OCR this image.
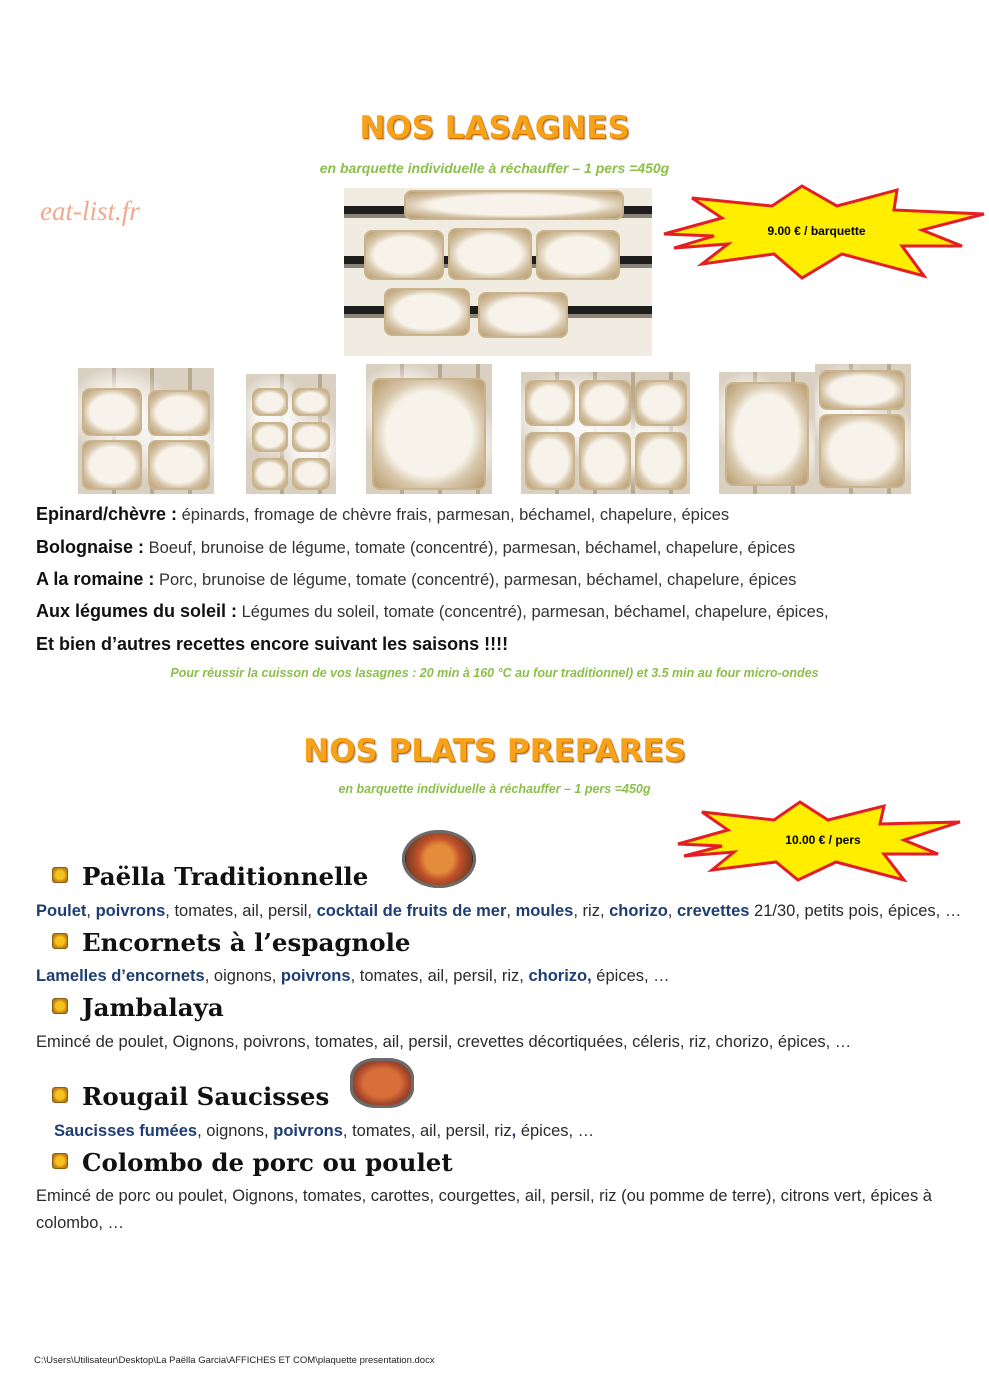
NOS LASAGNES
en barquette individuelle à réchauffer – 1 pers =450g
eat-list.fr
9.00 € / barquette
Epinard/chèvre : épinards, fromage de chèvre frais, parmesan, béchamel, chapelure, épices
Bolognaise : Boeuf, brunoise de légume, tomate (concentré), parmesan, béchamel, chapelure, épices
A la romaine : Porc, brunoise de légume, tomate (concentré), parmesan, béchamel, chapelure, épices
Aux légumes du soleil : Légumes du soleil, tomate (concentré), parmesan, béchamel, chapelure, épices,
Et bien d’autres recettes encore suivant les saisons !!!!
Pour réussir la cuisson de vos lasagnes : 20 min à 160 °C au four traditionnel) et 3.5 min au four micro-ondes
NOS PLATS PREPARES
en barquette individuelle à réchauffer – 1 pers =450g
10.00 € / pers
Paëlla Traditionnelle
Poulet, poivrons, tomates, ail, persil, cocktail de fruits de mer, moules, riz, chorizo, crevettes 21/30, petits pois, épices, …
Encornets à l’espagnole
Lamelles d’encornets, oignons, poivrons, tomates, ail, persil, riz, chorizo, épices, …
Jambalaya
Emincé de poulet, Oignons, poivrons, tomates, ail, persil, crevettes décortiquées, céleris, riz, chorizo, épices, …
Rougail Saucisses
Saucisses fumées, oignons, poivrons, tomates, ail, persil, riz, épices, …
Colombo de porc ou poulet
Emincé de porc ou poulet, Oignons, tomates, carottes, courgettes, ail, persil, riz (ou pomme de terre), citrons vert, épices à colombo, …
C:\Users\Utilisateur\Desktop\La Paëlla Garcia\AFFICHES ET COM\plaquette presentation.docx
